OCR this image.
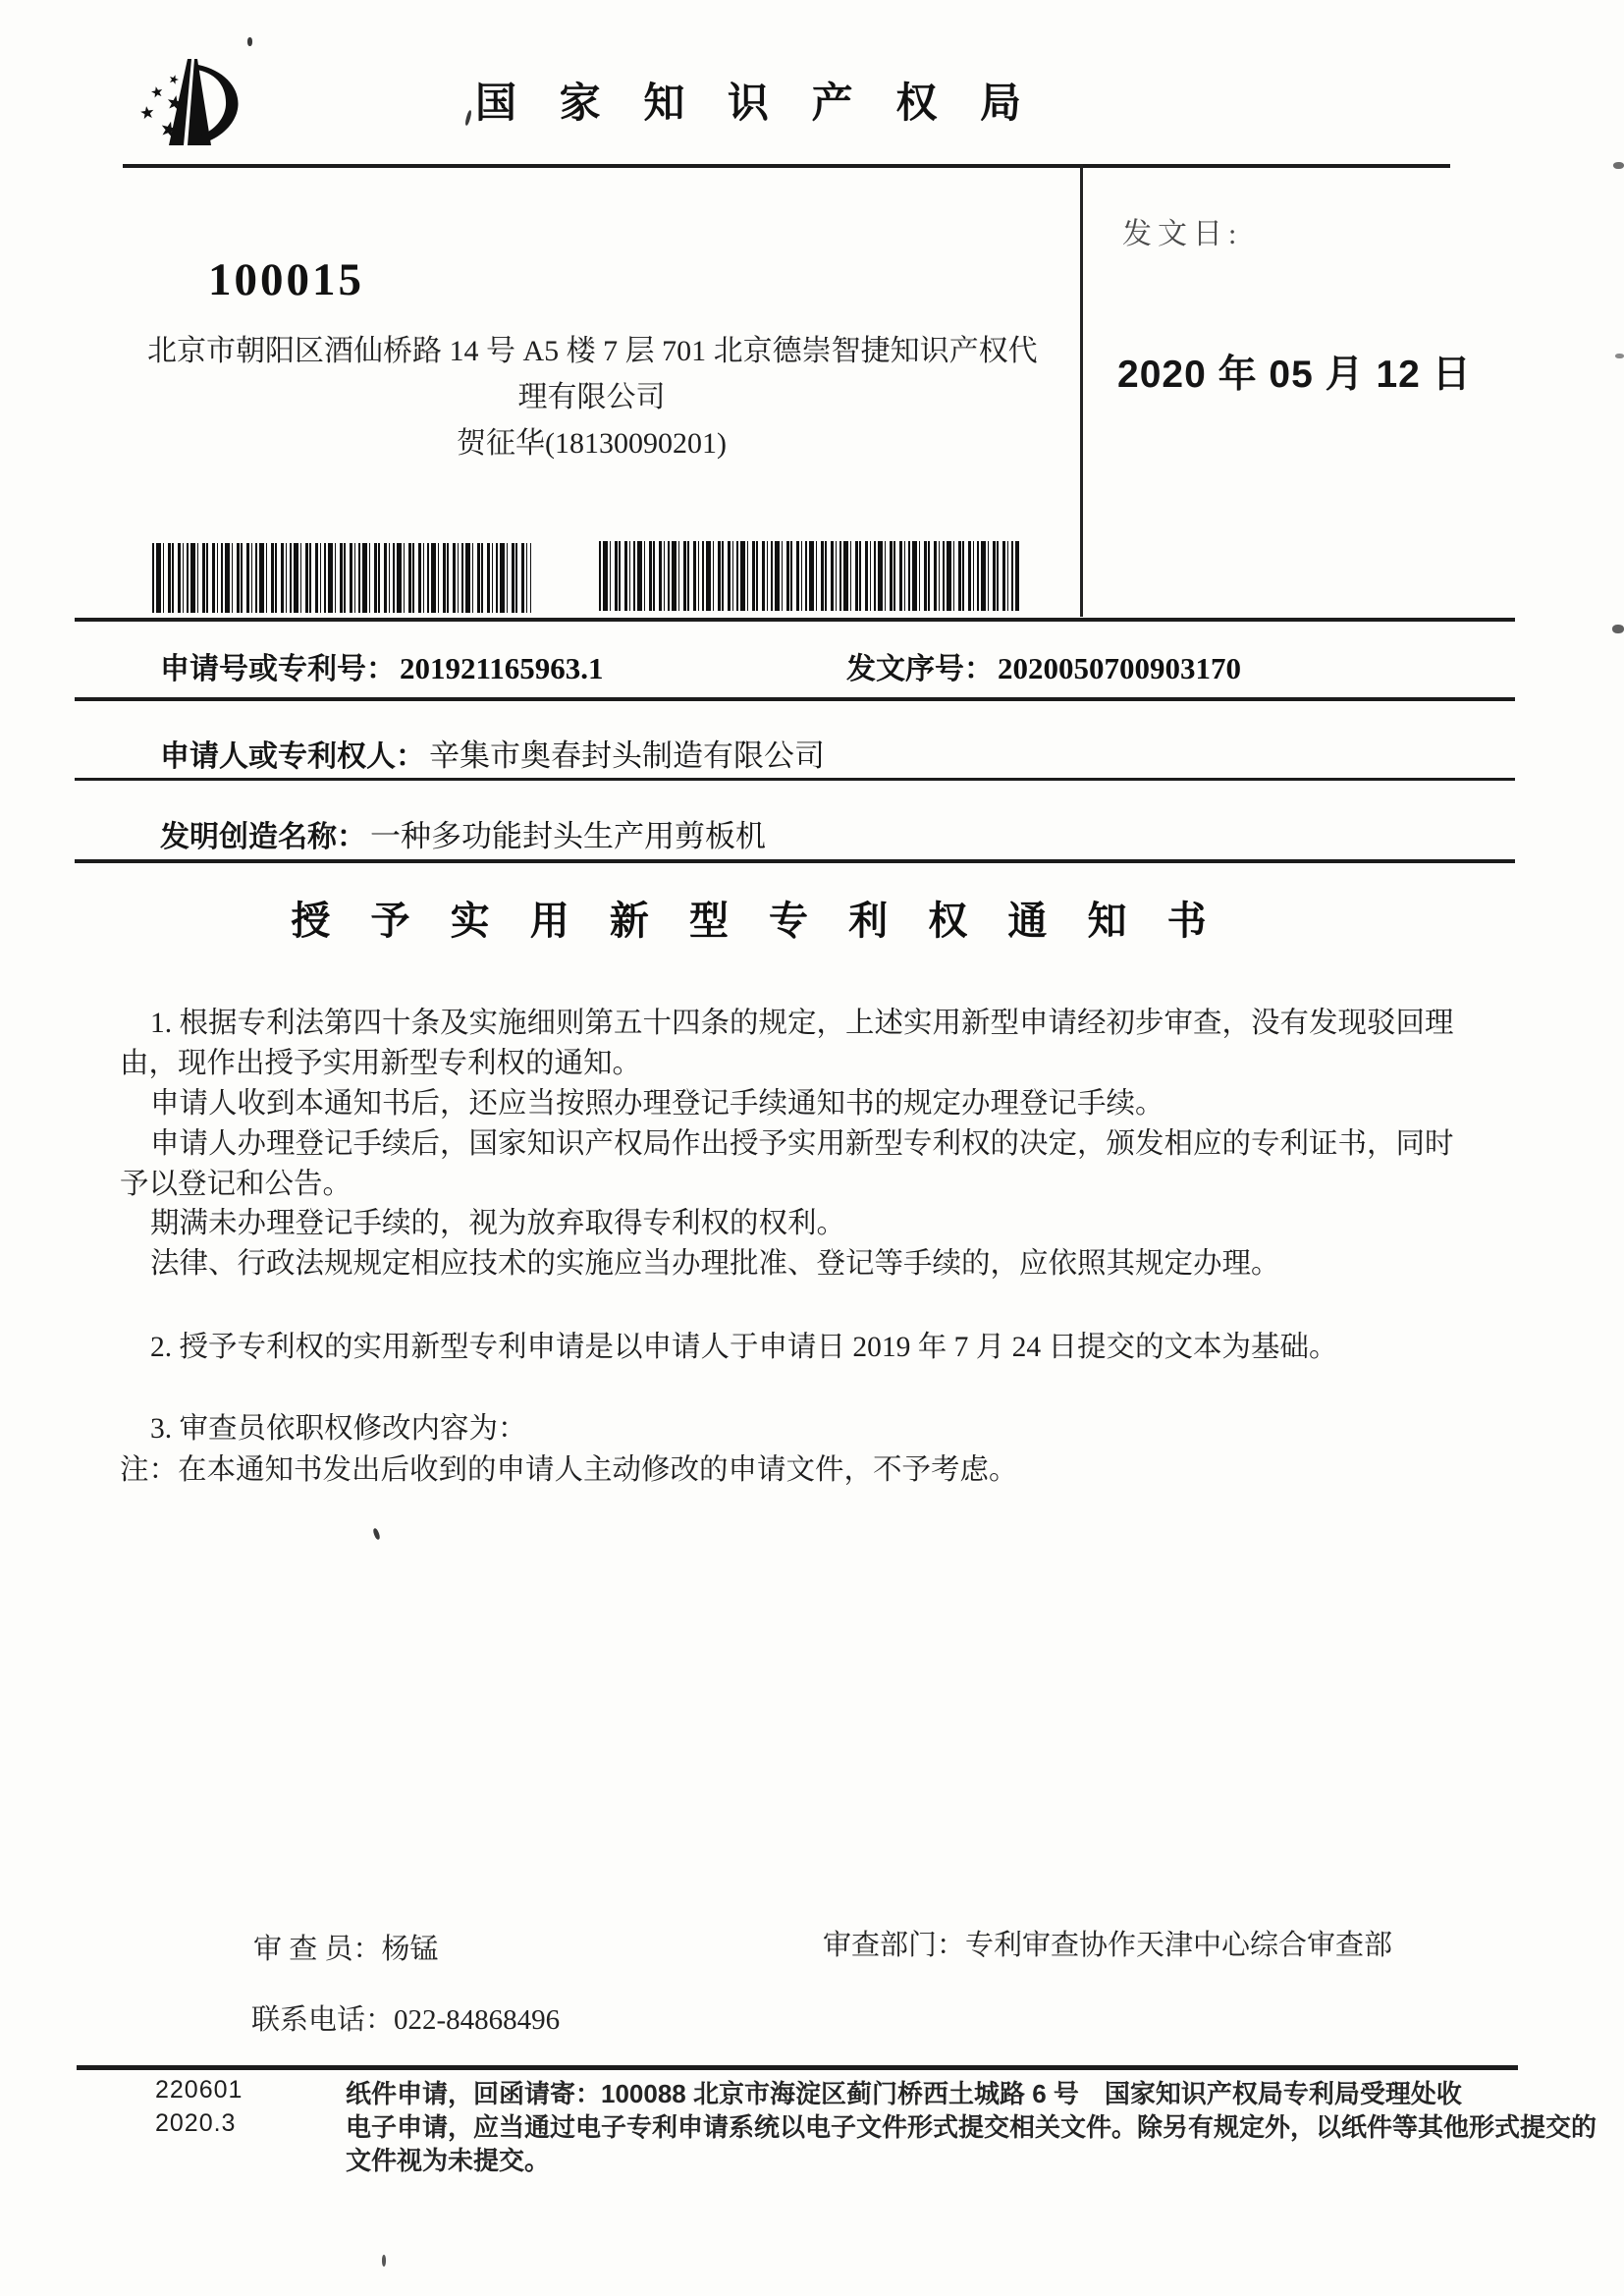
国 家 知 识 产 权 局
发文日:
2020 年 05 月 12 日
100015
北京市朝阳区酒仙桥路 14 号 A5 楼 7 层 701 北京德崇智捷知识产权代
理有限公司
贺征华(18130090201)
申请号或专利号： 201921165963.1	发文序号： 2020050700903170
申请人或专利权人： 辛集市奥春封头制造有限公司
发明创造名称： 一种多功能封头生产用剪板机
授 予 实 用 新 型 专 利 权 通 知 书
1. 根据专利法第四十条及实施细则第五十四条的规定，上述实用新型申请经初步审查，没有发现驳回理
由，现作出授予实用新型专利权的通知。
申请人收到本通知书后，还应当按照办理登记手续通知书的规定办理登记手续。
申请人办理登记手续后，国家知识产权局作出授予实用新型专利权的决定，颁发相应的专利证书，同时
予以登记和公告。
期满未办理登记手续的，视为放弃取得专利权的权利。
法律、行政法规规定相应技术的实施应当办理批准、登记等手续的，应依照其规定办理。
2. 授予专利权的实用新型专利申请是以申请人于申请日 2019 年 7 月 24 日提交的文本为基础。
3. 审查员依职权修改内容为：
注：在本通知书发出后收到的申请人主动修改的申请文件，不予考虑。
审 查 员：杨锰	审查部门：专利审查协作天津中心综合审查部
联系电话：022-84868496
220601
2020.3
纸件申请，回函请寄：100088 北京市海淀区蓟门桥西土城路 6 号　国家知识产权局专利局受理处收
电子申请，应当通过电子专利申请系统以电子文件形式提交相关文件。除另有规定外，以纸件等其他形式提交的
文件视为未提交。
